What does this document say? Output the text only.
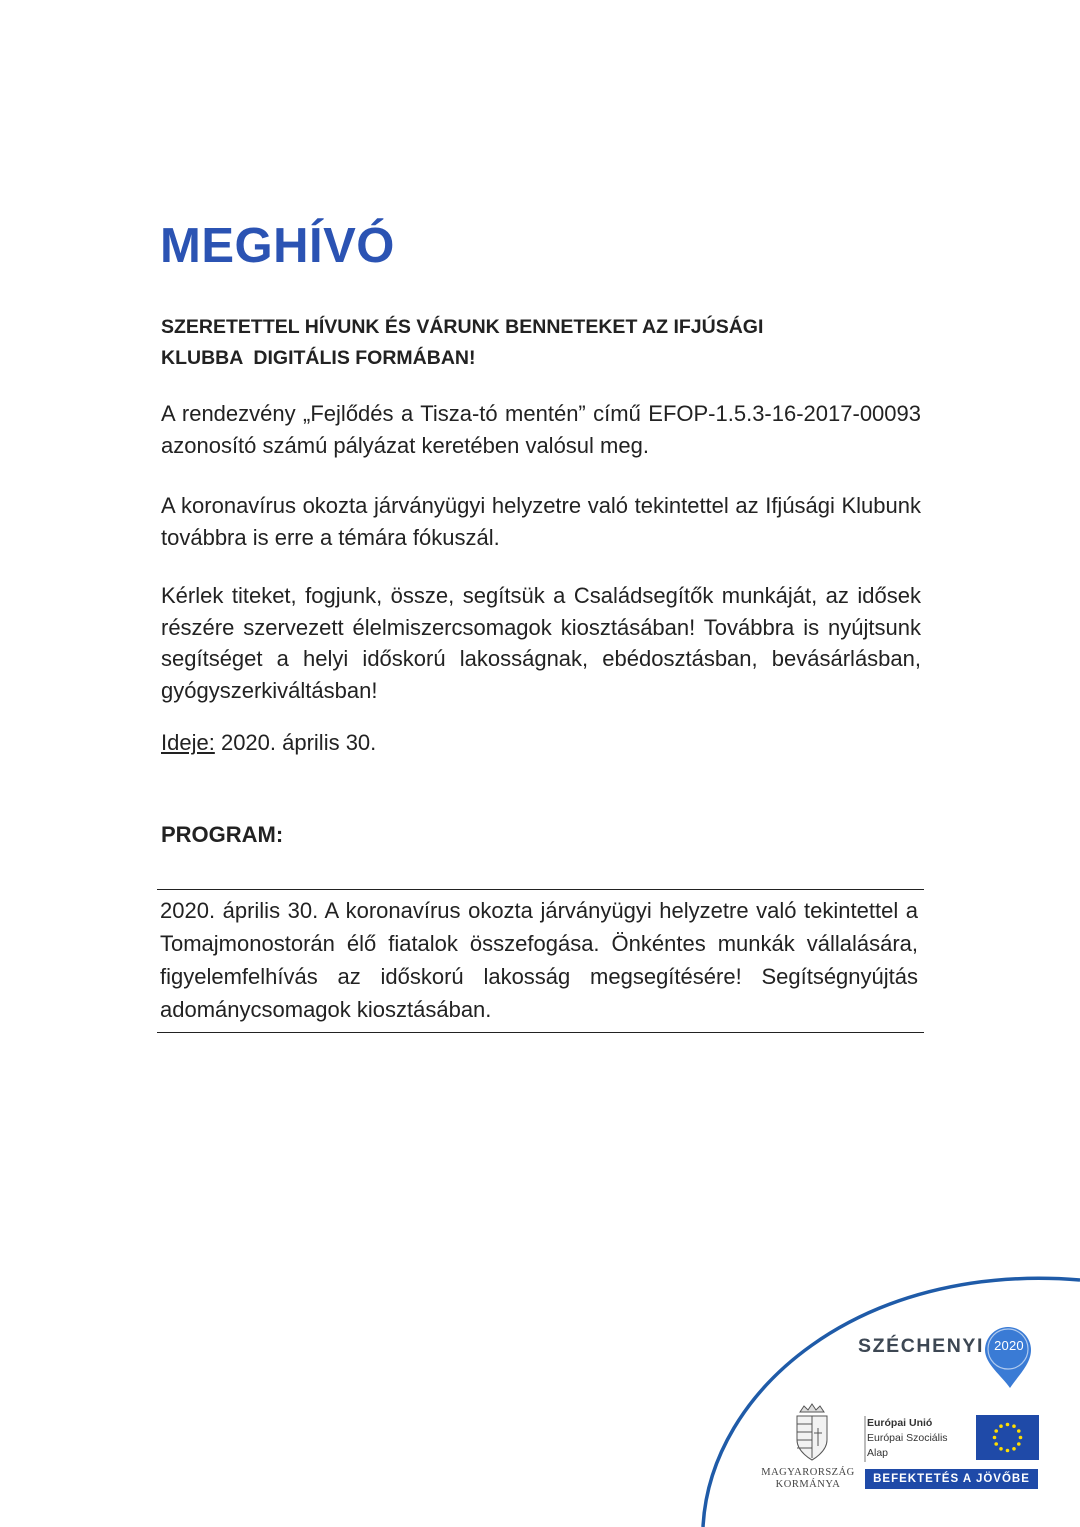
MEGHÍVÓ
SZERETETTEL HÍVUNK ÉS VÁRUNK BENNETEKET AZ IFJÚSÁGI
KLUBBA  DIGITÁLIS FORMÁBAN!
A rendezvény „Fejlődés a Tisza-tó mentén” című EFOP-1.5.3-16-2017-00093 azonosító számú pályázat keretében valósul meg.
A koronavírus okozta járványügyi helyzetre való tekintettel az Ifjúsági Klubunk továbbra is erre a témára fókuszál.
Kérlek titeket, fogjunk, össze, segítsük a Családsegítők munkáját, az idősek részére szervezett élelmiszercsomagok kiosztásában! Továbbra is nyújtsunk segítséget a helyi időskorú lakosságnak, ebédosztásban, bevásárlásban, gyógyszerkiváltásban!
Ideje: 2020. április 30.
PROGRAM:
2020. április 30. A koronavírus okozta járványügyi helyzetre való tekintettel a Tomajmonostorán élő fiatalok összefogása. Önkéntes munkák vállalására, figyelemfelhívás az időskorú lakosság megsegítésére! Segítségnyújtás adománycsomagok kiosztásában.
SZÉCHENYI 2020
MAGYARORSZÁG
KORMÁNYA
Európai Unió
Európai Szociális
Alap
BEFEKTETÉS A JÖVŐBE
